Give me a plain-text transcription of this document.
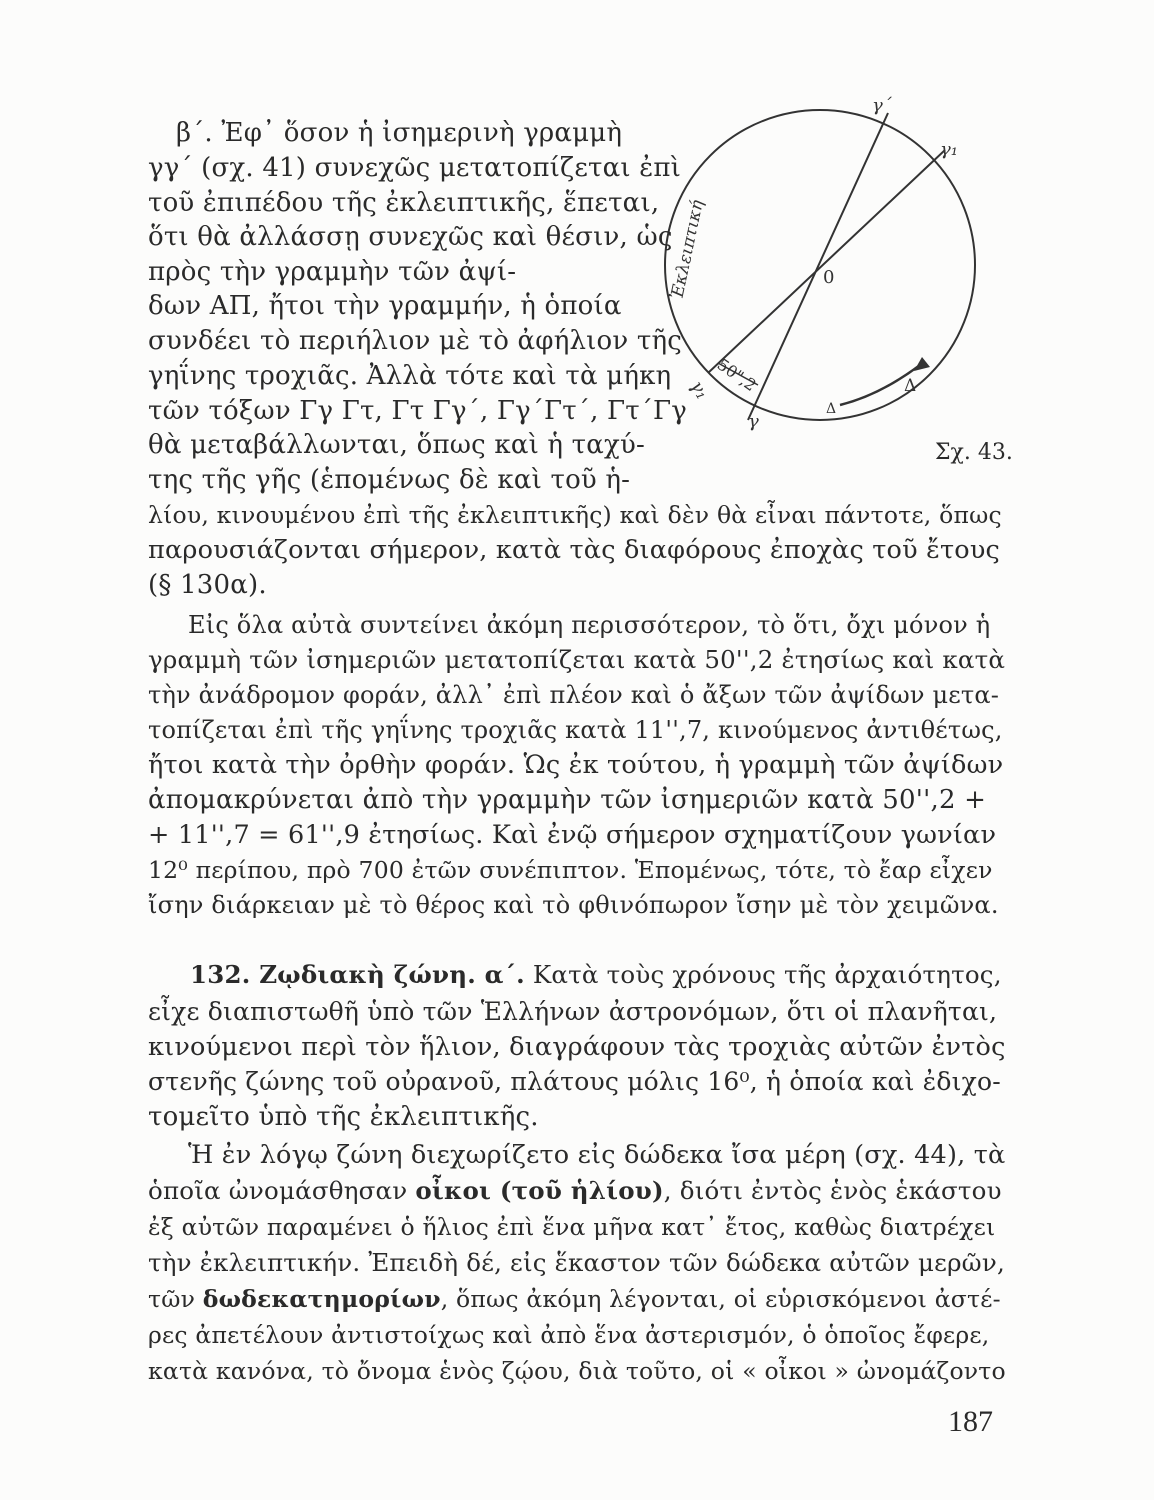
γ΄
γ₁
0
Ἐκλειπτική
50",2
γ₁
γ
Δ
Δ
Σχ. 43.
β΄. Ἐφ᾽ ὅσον ἡ ἰσημερινὴ γραμμὴ
γγ΄ (σχ. 41) συνεχῶς μετατοπίζεται ἐπὶ
τοῦ ἐπιπέδου τῆς ἐκλειπτικῆς, ἕπεται,
ὅτι θὰ ἀλλάσσῃ συνεχῶς καὶ θέσιν, ὡς
πρὸς τὴν γραμμὴν τῶν ἀψί-
δων ΑΠ, ἤτοι τὴν γραμμήν, ἡ ὁποία
συνδέει τὸ περιήλιον μὲ τὸ ἀφήλιον τῆς
γηΐνης τροχιᾶς. Ἀλλὰ τότε καὶ τὰ μήκη
τῶν τόξων Γγ Γτ, Γτ Γγ΄, Γγ΄Γτ΄, Γτ΄Γγ
θὰ μεταβάλλωνται, ὅπως καὶ ἡ ταχύ-
της τῆς γῆς (ἑπομένως δὲ καὶ τοῦ ἡ-
λίου, κινουμένου ἐπὶ τῆς ἐκλειπτικῆς) καὶ δὲν θὰ εἶναι πάντοτε, ὅπως
παρουσιάζονται σήμερον, κατὰ τὰς διαφόρους ἐποχὰς τοῦ ἔτους
(§ 130α).
Εἰς ὅλα αὐτὰ συντείνει ἀκόμη περισσότερον, τὸ ὅτι, ὄχι μόνον ἡ
γραμμὴ τῶν ἰσημεριῶν μετατοπίζεται κατὰ 50'',2 ἐτησίως καὶ κατὰ
τὴν ἀνάδρομον φοράν, ἀλλ᾽ ἐπὶ πλέον καὶ ὁ ἄξων τῶν ἀψίδων μετα-
τοπίζεται ἐπὶ τῆς γηΐνης τροχιᾶς κατὰ 11'',7, κινούμενος ἀντιθέτως,
ἤτοι κατὰ τὴν ὀρθὴν φοράν. Ὡς ἐκ τούτου, ἡ γραμμὴ τῶν ἀψίδων
ἀπομακρύνεται ἀπὸ τὴν γραμμὴν τῶν ἰσημεριῶν κατὰ 50'',2 +
+ 11'',7 = 61'',9 ἐτησίως. Καὶ ἐνῷ σήμερον σχηματίζουν γωνίαν
12⁰ περίπου, πρὸ 700 ἐτῶν συνέπιπτον. Ἑπομένως, τότε, τὸ ἔαρ εἶχεν
ἴσην διάρκειαν μὲ τὸ θέρος καὶ τὸ φθινόπωρον ἴσην μὲ τὸν χειμῶνα.
132. Ζῳδιακὴ ζώνη. α΄. Κατὰ τοὺς χρόνους τῆς ἀρχαιότητος,
εἶχε διαπιστωθῆ ὑπὸ τῶν Ἑλλήνων ἀστρονόμων, ὅτι οἱ πλανῆται,
κινούμενοι περὶ τὸν ἥλιον, διαγράφουν τὰς τροχιὰς αὐτῶν ἐντὸς
στενῆς ζώνης τοῦ οὐρανοῦ, πλάτους μόλις 16⁰, ἡ ὁποία καὶ ἐδιχο-
τομεῖτο ὑπὸ τῆς ἐκλειπτικῆς.
Ἡ ἐν λόγῳ ζώνη διεχωρίζετο εἰς δώδεκα ἴσα μέρη (σχ. 44), τὰ
ὁποῖα ὠνομάσθησαν οἶκοι (τοῦ ἡλίου), διότι ἐντὸς ἑνὸς ἑκάστου
ἐξ αὐτῶν παραμένει ὁ ἥλιος ἐπὶ ἕνα μῆνα κατ᾽ ἔτος, καθὼς διατρέχει
τὴν ἐκλειπτικήν. Ἐπειδὴ δέ, εἰς ἕκαστον τῶν δώδεκα αὐτῶν μερῶν,
τῶν δωδεκατημορίων, ὅπως ἀκόμη λέγονται, οἱ εὑρισκόμενοι ἀστέ-
ρες ἀπετέλουν ἀντιστοίχως καὶ ἀπὸ ἕνα ἀστερισμόν, ὁ ὁποῖος ἔφερε,
κατὰ κανόνα, τὸ ὄνομα ἑνὸς ζῴου, διὰ τοῦτο, οἱ « οἶκοι » ὠνομάζοντο
187
